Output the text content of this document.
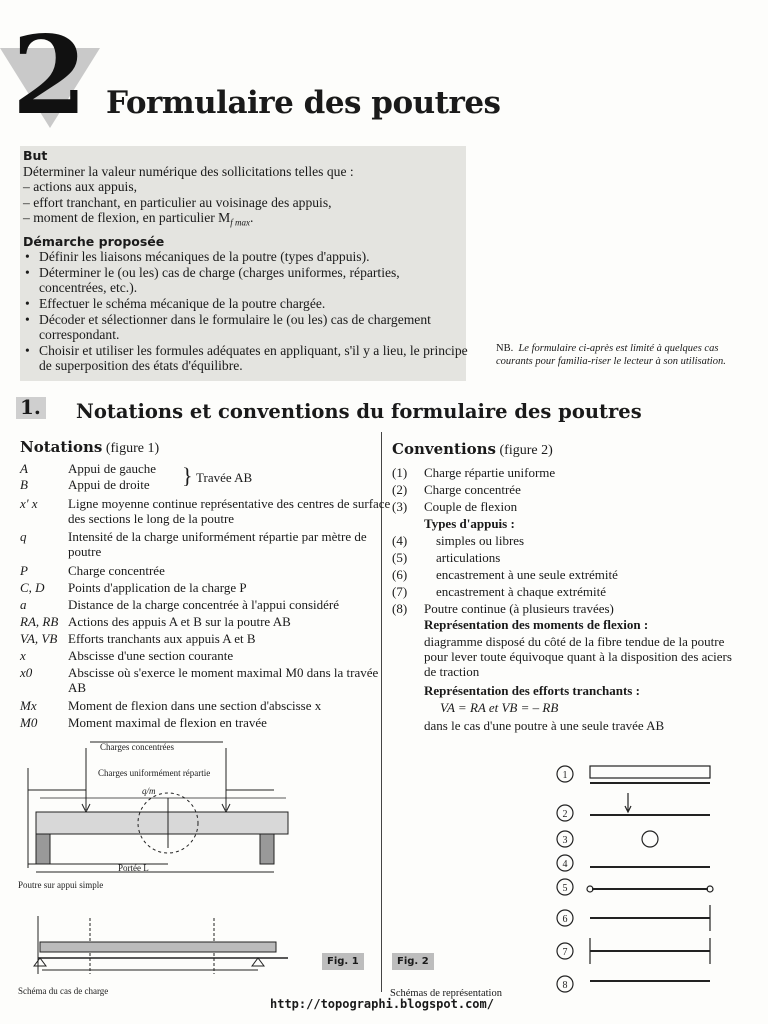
2 Formulaire des poutres
But
Déterminer la valeur numérique des sollicitations telles que :
– actions aux appuis,
– effort tranchant, en particulier au voisinage des appuis,
– moment de flexion, en particulier $M_{f max}$.
Démarche proposée
• Définir les liaisons mécaniques de la poutre (types d'appuis).
• Déterminer le (ou les) cas de charge (charges uniformes, réparties, concentrées, etc.).
• Effectuer le schéma mécanique de la poutre chargée.
• Décoder et sélectionner dans le formulaire le (ou les) cas de chargement correspondant.
• Choisir et utiliser les formules adéquates en appliquant, s'il y a lieu, le principe de superposition des états d'équilibre.
NB. Le formulaire ci-après est limité à quelques cas courants pour familia-riser le lecteur à son utilisation.
1. Notations et conventions du formulaire des poutres
Notations (figure 1)
A	Appui de gauche
B	Appui de droite	} Travée AB
x' x	Ligne moyenne continue représentative des centres de surface des sections le long de la poutre
q	Intensité de la charge uniformément répartie par mètre de poutre
P	Charge concentrée
C, D	Points d'application de la charge P
a	Distance de la charge concentrée à l'appui considéré
RA, RB Actions des appuis A et B sur la poutre AB
VA, VB Efforts tranchants aux appuis A et B
x	Abscisse d'une section courante
x0	Abscisse où s'exerce le moment maximal M0 dans la travée AB
Mx	Moment de flexion dans une section d'abscisse x
M0	Moment maximal de flexion en travée
Conventions (figure 2)
(1) Charge répartie uniforme
(2) Charge concentrée
(3) Couple de flexion
Types d'appuis :
(4) simples ou libres
(5) articulations
(6) encastrement à une seule extrémité
(7) encastrement à chaque extrémité
(8) Poutre continue (à plusieurs travées)
Représentation des moments de flexion :
diagramme disposé du côté de la fibre tendue de la poutre pour lever toute équivoque quant à la disposition des aciers de traction
Représentation des efforts tranchants :
VA = RA et VB = – RB
dans le cas d'une poutre à une seule travée AB
Charges concentrées
Charges uniformément répartie
q/m
Portée L
Poutre sur appui simple
Schéma du cas de charge
Fig. 1	Fig. 2
Schémas de représentation
1
2
3
4
5
6
7
8
http://topographi.blogspot.com/
